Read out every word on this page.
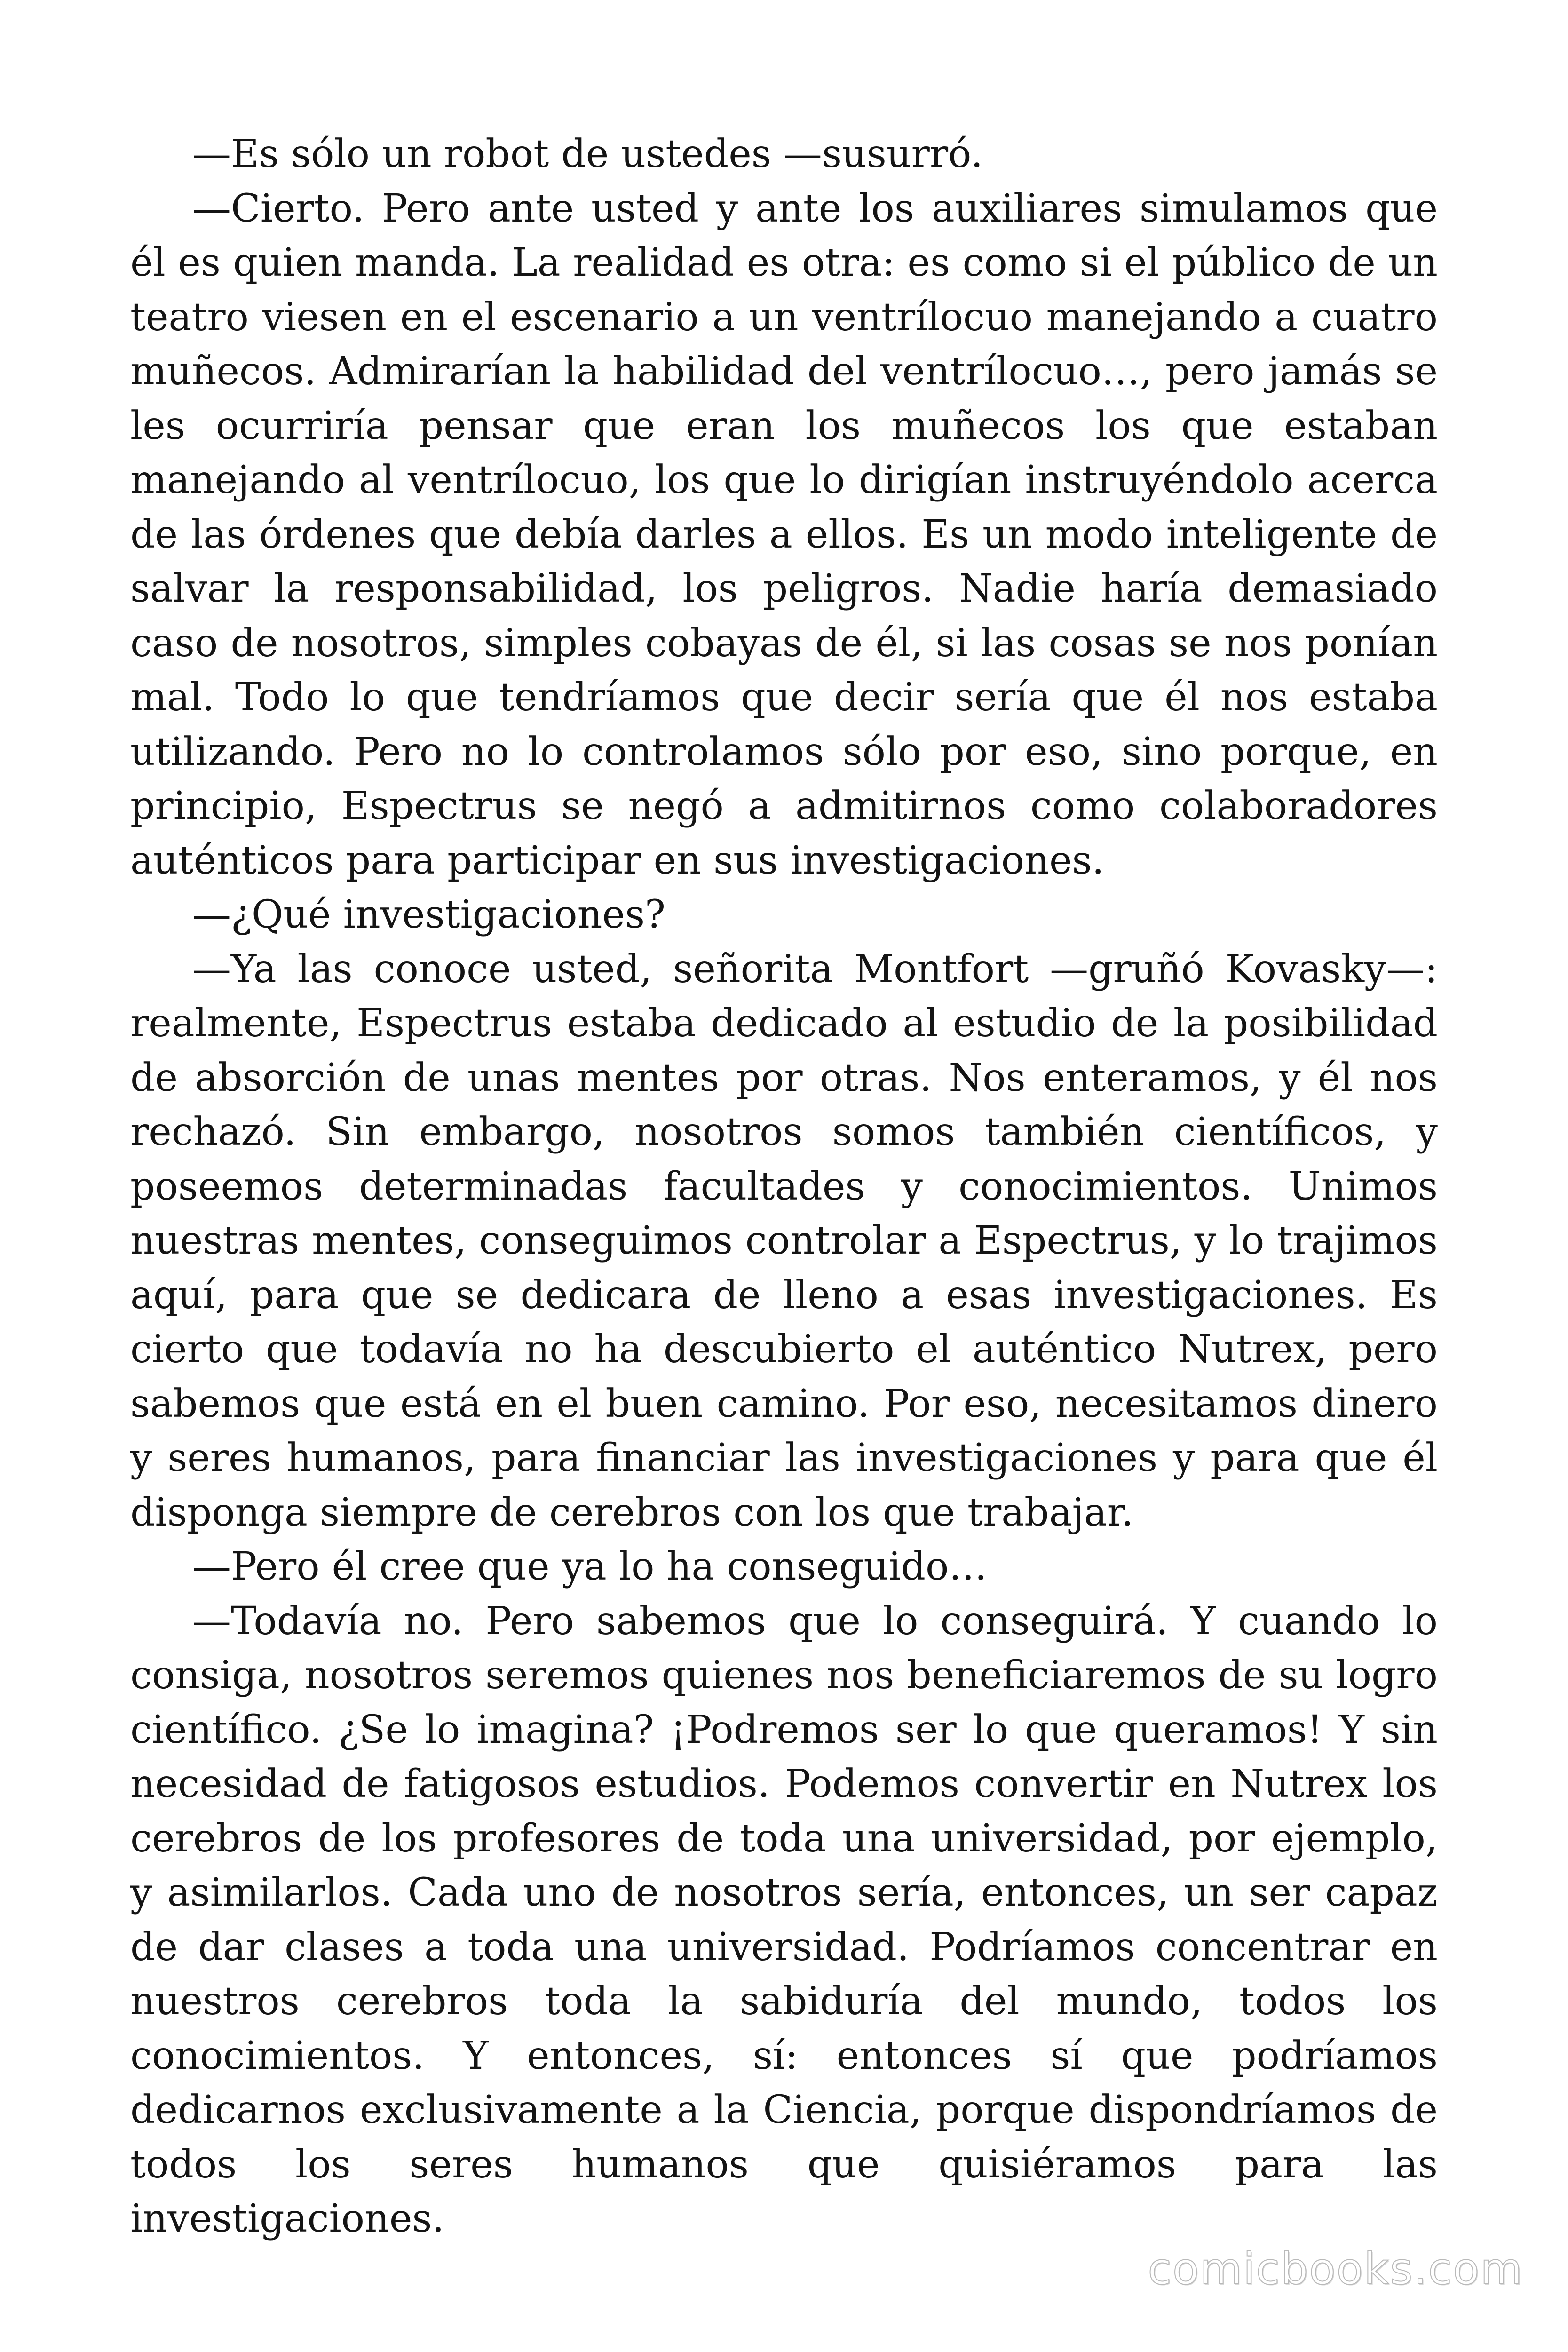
—Es sólo un robot de ustedes —susurró.

—Cierto. Pero ante usted y ante los auxiliares simulamos que él es quien manda. La realidad es otra: es como si el público de un teatro viesen en el escenario a un ventrílocuo manejando a cuatro muñecos. Admirarían la habilidad del ventrílocuo…, pero jamás se les ocurriría pensar que eran los muñecos los que estaban manejando al ventrílocuo, los que lo dirigían instruyéndolo acerca de las órdenes que debía darles a ellos. Es un modo inteligente de salvar la responsabilidad, los peligros. Nadie haría demasiado caso de nosotros, simples cobayas de él, si las cosas se nos ponían mal. Todo lo que tendríamos que decir sería que él nos estaba utilizando. Pero no lo controlamos sólo por eso, sino porque, en principio, Espectrus se negó a admitirnos como colaboradores auténticos para participar en sus investigaciones.

—¿Qué investigaciones?

—Ya las conoce usted, señorita Montfort —gruñó Kovasky—: realmente, Espectrus estaba dedicado al estudio de la posibilidad de absorción de unas mentes por otras. Nos enteramos, y él nos rechazó. Sin embargo, nosotros somos también científicos, y poseemos determinadas facultades y conocimientos. Unimos nuestras mentes, conseguimos controlar a Espectrus, y lo trajimos aquí, para que se dedicara de lleno a esas investigaciones. Es cierto que todavía no ha descubierto el auténtico Nutrex, pero sabemos que está en el buen camino. Por eso, necesitamos dinero y seres humanos, para financiar las investigaciones y para que él disponga siempre de cerebros con los que trabajar.

—Pero él cree que ya lo ha conseguido…

—Todavía no. Pero sabemos que lo conseguirá. Y cuando lo consiga, nosotros seremos quienes nos beneficiaremos de su logro científico. ¿Se lo imagina? ¡Podremos ser lo que queramos! Y sin necesidad de fatigosos estudios. Podemos convertir en Nutrex los cerebros de los profesores de toda una universidad, por ejemplo, y asimilarlos. Cada uno de nosotros sería, entonces, un ser capaz de dar clases a toda una universidad. Podríamos concentrar en nuestros cerebros toda la sabiduría del mundo, todos los conocimientos. Y entonces, sí: entonces sí que podríamos dedicarnos exclusivamente a la Ciencia, porque dispondríamos de todos los seres humanos que quisiéramos para las investigaciones.

comicbooks.com
